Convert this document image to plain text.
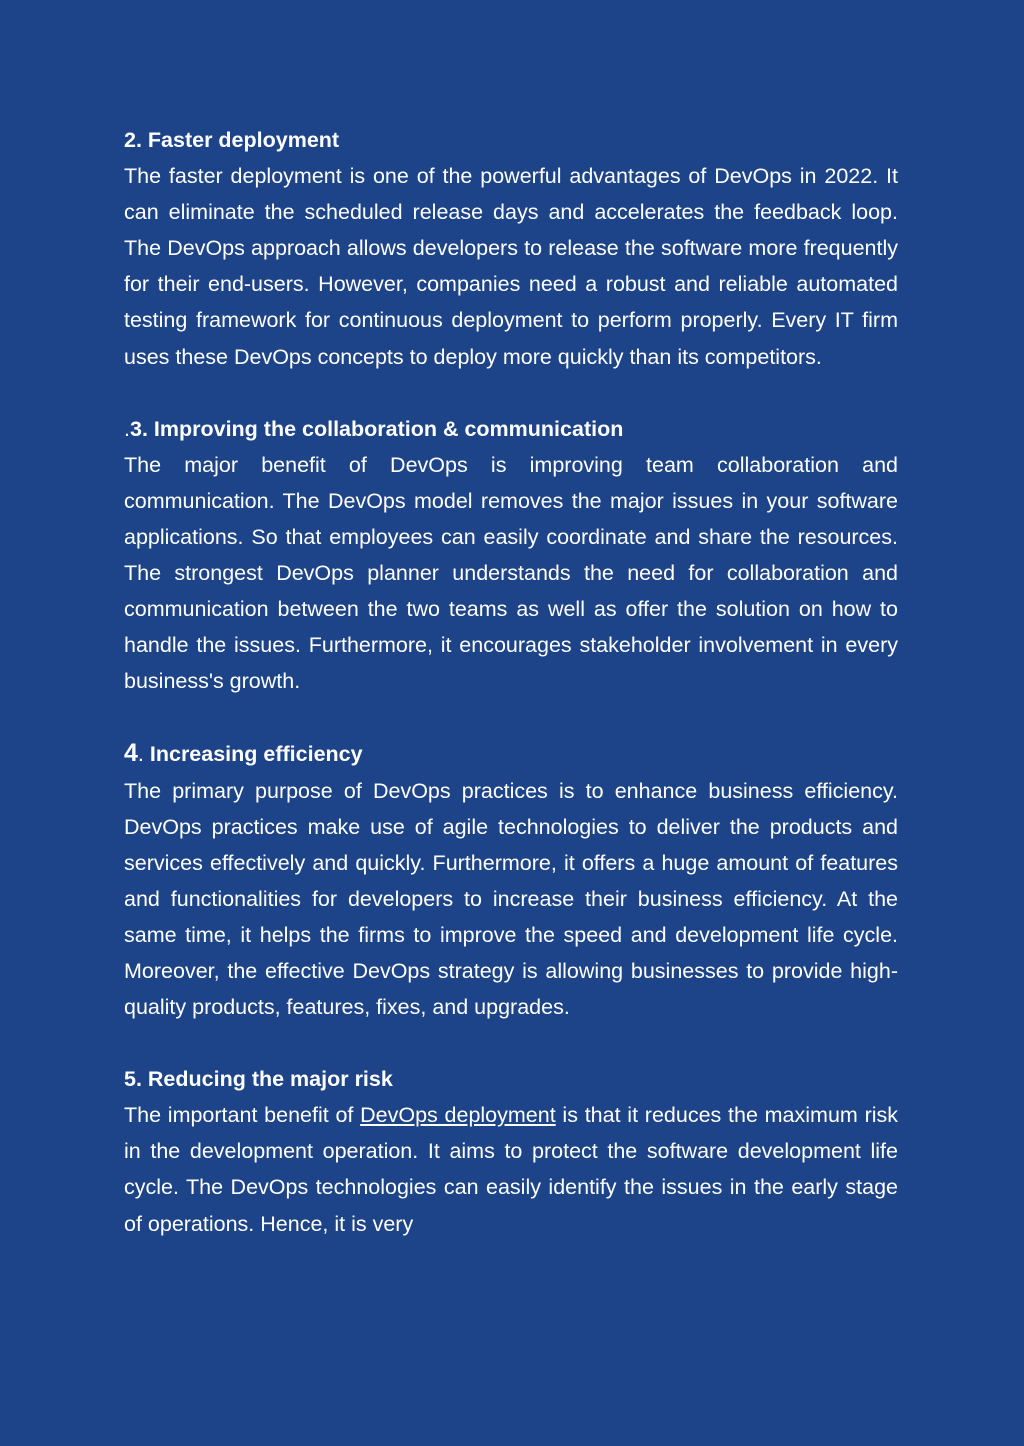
2. Faster deployment

The faster deployment is one of the powerful advantages of DevOps in 2022. It can eliminate the scheduled release days and accelerates the feedback loop. The DevOps approach allows developers to release the software more frequently for their end-users. However, companies need a robust and reliable automated testing framework for continuous deployment to perform properly. Every IT firm uses these DevOps concepts to deploy more quickly than its competitors.

.3. Improving the collaboration & communication

The major benefit of DevOps is improving team collaboration and communication. The DevOps model removes the major issues in your software applications. So that employees can easily coordinate and share the resources. The strongest DevOps planner understands the need for collaboration and communication between the two teams as well as offer the solution on how to handle the issues. Furthermore, it encourages stakeholder involvement in every business's growth.

4. Increasing efficiency

The primary purpose of DevOps practices is to enhance business efficiency. DevOps practices make use of agile technologies to deliver the products and services effectively and quickly. Furthermore, it offers a huge amount of features and functionalities for developers to increase their business efficiency. At the same time, it helps the firms to improve the speed and development life cycle. Moreover, the effective DevOps strategy is allowing businesses to provide high-quality products, features, fixes, and upgrades.

5. Reducing the major risk

The important benefit of DevOps deployment is that it reduces the maximum risk in the development operation. It aims to protect the software development life cycle. The DevOps technologies can easily identify the issues in the early stage of operations. Hence, it is very
